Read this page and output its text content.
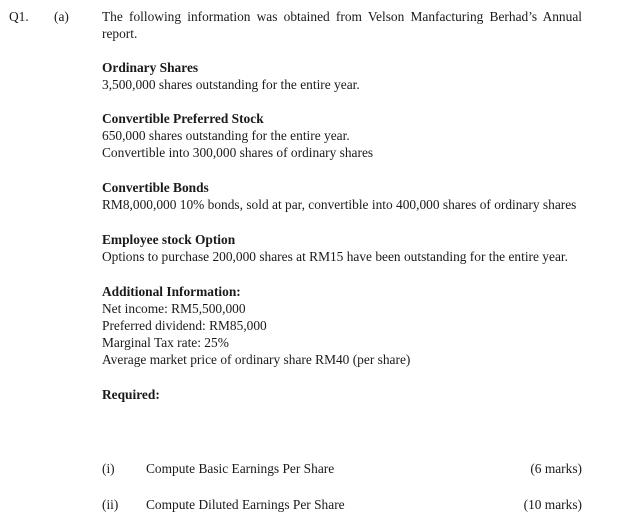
Q1. (a) The following information was obtained from Velson Manfacturing Berhad’s Annual report.

Ordinary Shares

3,500,000 shares outstanding for the entire year.

Convertible Preferred Stock

650,000 shares outstanding for the entire year.

Convertible into 300,000 shares of ordinary shares

Convertible Bonds

RM8,000,000 10% bonds, sold at par, convertible into 400,000 shares of ordinary shares

Employee stock Option

Options to purchase 200,000 shares at RM15 have been outstanding for the entire year.

Additional Information:

Net income: RM5,500,000

Preferred dividend: RM85,000

Marginal Tax rate: 25%

Average market price of ordinary share RM40 (per share)

Required:

(i) Compute Basic Earnings Per Share	(6 marks)
(ii) Compute Diluted Earnings Per Share	(10 marks)
